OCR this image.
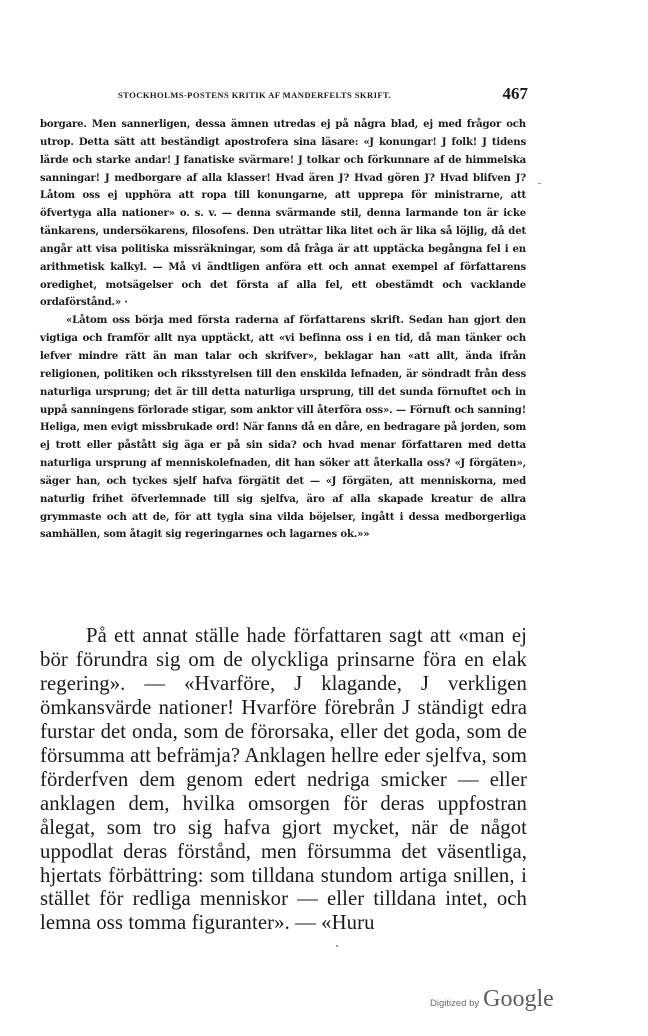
STOCKHOLMS-POSTENS KRITIK AF MANDERFELTS SKRIFT.	467

borgare. Men sannerligen, dessa ämnen utredas ej på några blad, ej med frågor och utrop. Detta sätt att beständigt apostrofera sina läsare: «J konungar! J folk! J tidens lärde och starke andar! J fanatiske svärmare! J tolkar och förkunnare af de himmelska sanningar! J medborgare af alla klasser! Hvad ären J? Hvad gören J? Hvad blifven J? Låtom oss ej upphöra att ropa till konungarne, att upprepa för ministrarne, att öfvertyga alla nationer» o. s. v. — denna svärmande stil, denna larmande ton är icke tänkarens, undersökarens, filosofens. Den uträttar lika litet och är lika så löjlig, då det angår att visa politiska missräkningar, som då fråga är att upptäcka begångna fel i en arithmetisk kalkyl. — Må vi ändtligen anföra ett och annat exempel af författarens oredighet, motsägelser och det första af alla fel, ett obestämdt och vacklande ordaförstånd.» ·

«Låtom oss börja med första raderna af författarens skrift. Sedan han gjort den vigtiga och framför allt nya upptäckt, att «vi befinna oss i en tid, då man tänker och lefver mindre rätt än man talar och skrifver», beklagar han «att allt, ända ifrån religionen, politiken och riksstyrelsen till den enskilda lefnaden, är söndradt från dess naturliga ursprung; det är till detta naturliga ursprung, till det sunda förnuftet och in uppå sanningens förlorade stigar, som anktor vill återföra oss». — Förnuft och sanning! Heliga, men evigt missbrukade ord! När fanns då en dåre, en bedragare på jorden, som ej trott eller påstått sig äga er på sin sida? och hvad menar författaren med detta naturliga ursprung af menniskolefnaden, dit han söker att återkalla oss? «J förgäten», säger han, och tyckes sjelf hafva förgätit det — «J förgäten, att menniskorna, med naturlig frihet öfverlemnade till sig sjelfva, äro af alla skapade kreatur de allra grymmaste och att de, för att tygla sina vilda böjelser, ingått i dessa medborgerliga samhällen, som åtagit sig regeringarnes och lagarnes ok.»»

På ett annat ställe hade författaren sagt att «man ej bör förundra sig om de olyckliga prinsarne föra en elak regering». — «Hvarföre, J klagande, J verkligen ömkansvärde nationer! Hvarföre förebrån J ständigt edra furstar det onda, som de förorsaka, eller det goda, som de försumma att befrämja? Anklagen hellre eder sjelfva, som förderfven dem genom edert nedriga smicker — eller anklagen dem, hvilka omsorgen för deras uppfostran ålegat, som tro sig hafva gjort mycket, när de något uppodlat deras förstånd, men försumma det väsentliga, hjertats förbättring: som tilldana stundom artiga snillen, i stället för redliga menniskor — eller tilldana intet, och lemna oss tomma figuranter». — «Huru

Digitized by Google
